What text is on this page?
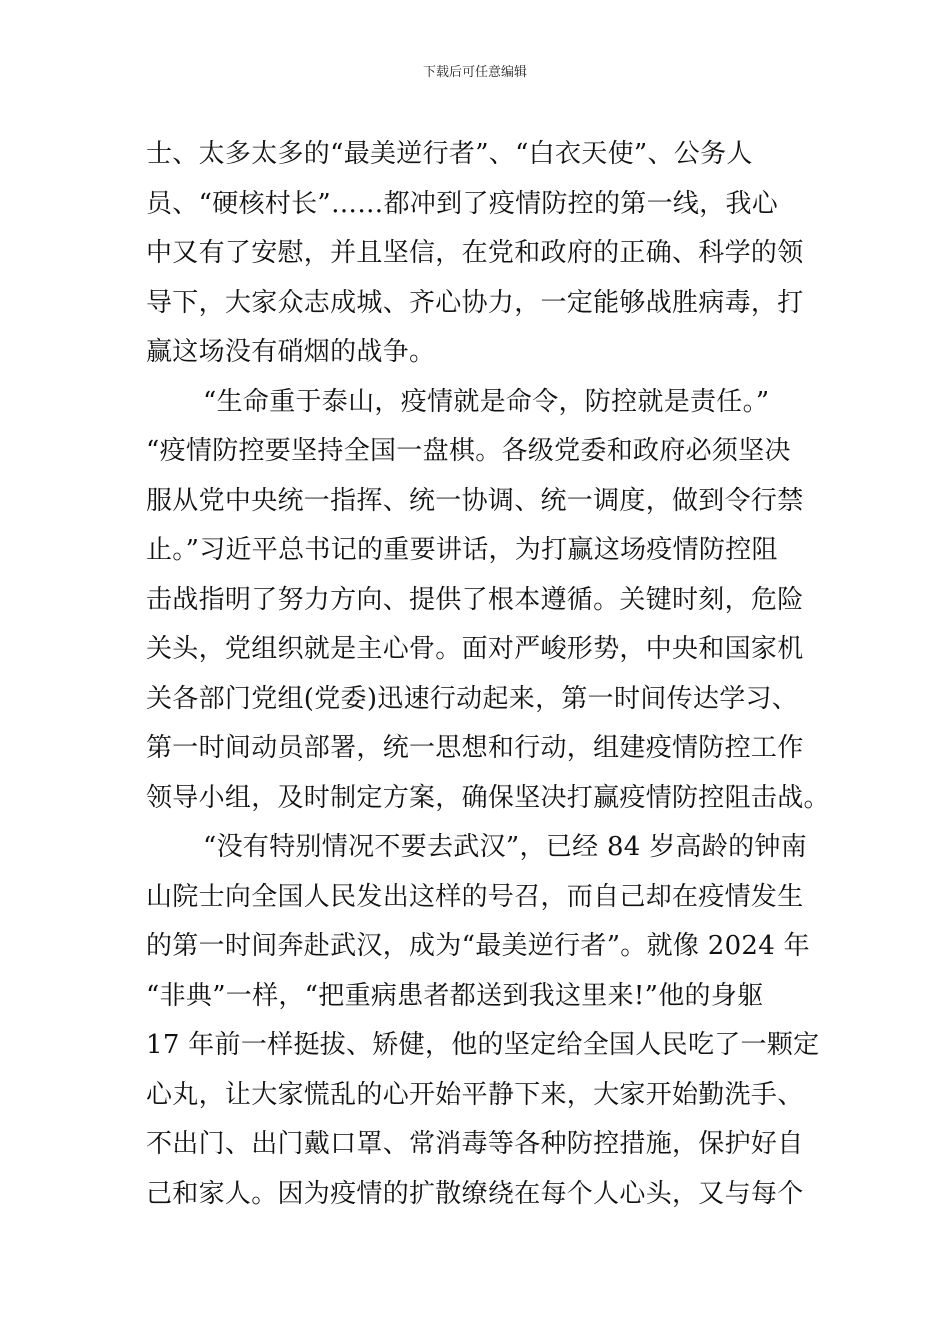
下载后可任意编辑
士、太多太多的“最美逆行者”、“白衣天使”、公务人
员、“硬核村长”……都冲到了疫情防控的第一线，我心
中又有了安慰，并且坚信，在党和政府的正确、科学的领
导下，大家众志成城、齐心协力，一定能够战胜病毒，打
赢这场没有硝烟的战争。
“生命重于泰山，疫情就是命令，防控就是责任。”
“疫情防控要坚持全国一盘棋。各级党委和政府必须坚决
服从党中央统一指挥、统一协调、统一调度，做到令行禁
止。”习近平总书记的重要讲话，为打赢这场疫情防控阻
击战指明了努力方向、提供了根本遵循。关键时刻，危险
关头，党组织就是主心骨。面对严峻形势，中央和国家机
关各部门党组(党委)迅速行动起来，第一时间传达学习、
第一时间动员部署，统一思想和行动，组建疫情防控工作
领导小组，及时制定方案，确保坚决打赢疫情防控阻击战。
“没有特别情况不要去武汉”，已经 84 岁高龄的钟南
山院士向全国人民发出这样的号召，而自己却在疫情发生
的第一时间奔赴武汉，成为“最美逆行者”。就像 2024 年
“非典”一样，“把重病患者都送到我这里来!”他的身躯
17 年前一样挺拔、矫健，他的坚定给全国人民吃了一颗定
心丸，让大家慌乱的心开始平静下来，大家开始勤洗手、
不出门、出门戴口罩、常消毒等各种防控措施，保护好自
己和家人。因为疫情的扩散缭绕在每个人心头，又与每个
